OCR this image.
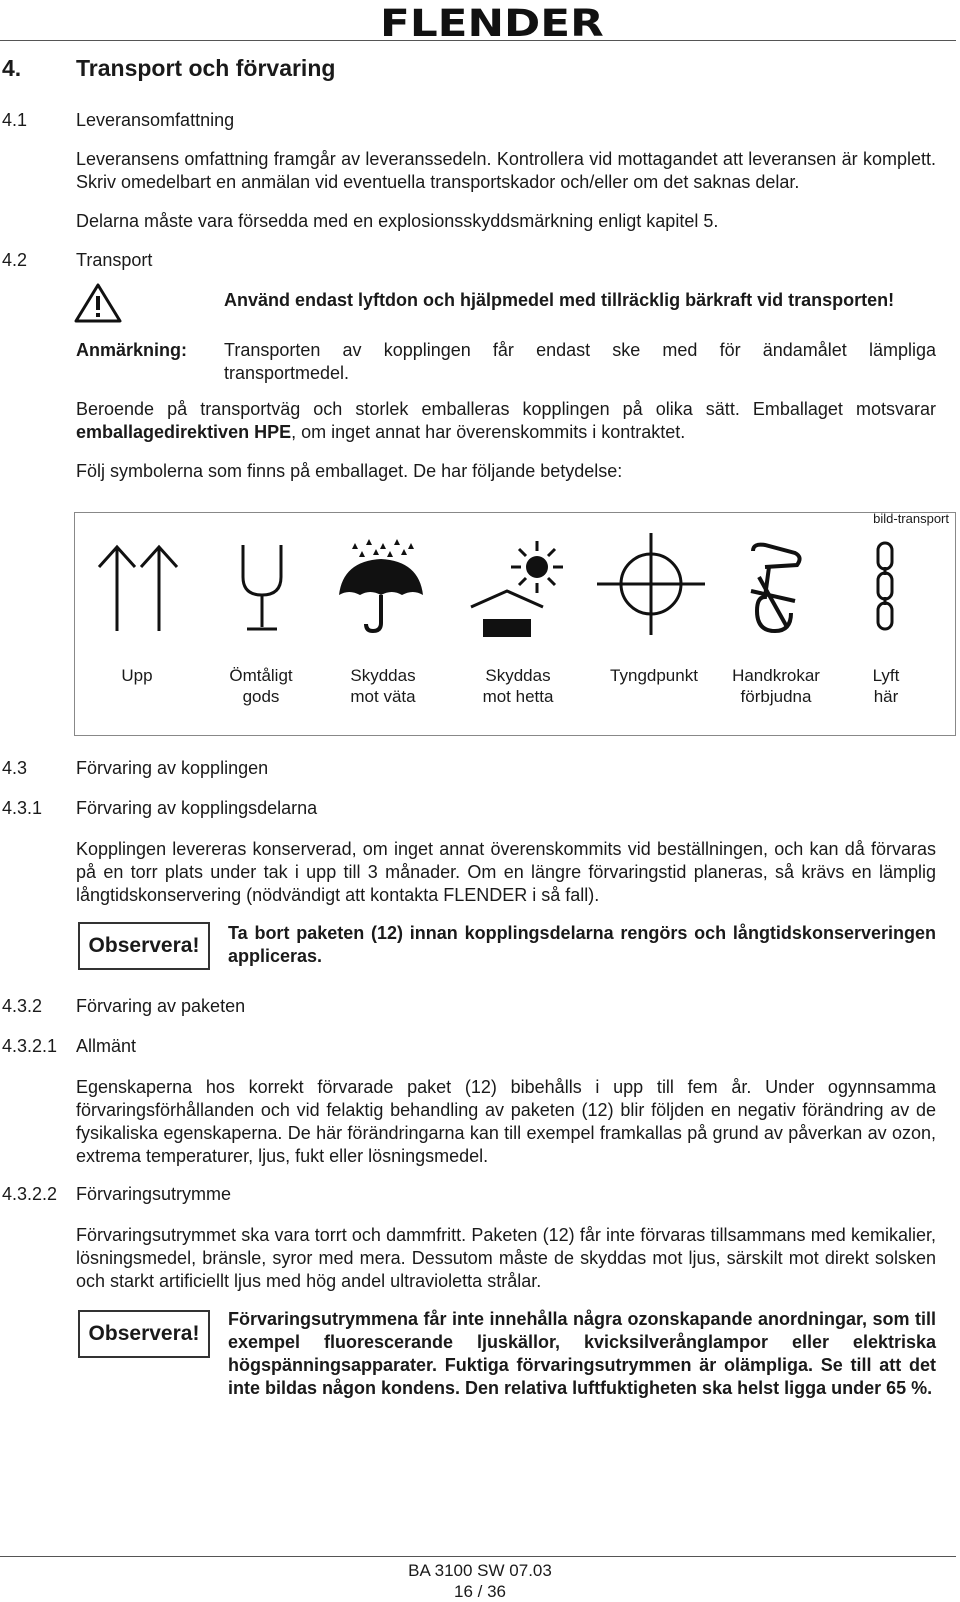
FLENDER
4. Transport och förvaring
4.1	Leveransomfattning
Leveransens omfattning framgår av leveranssedeln. Kontrollera vid mottagandet att leveransen är komplett. Skriv omedelbart en anmälan vid eventuella transportskador och/eller om det saknas delar.
Delarna måste vara försedda med en explosionsskyddsmärkning enligt kapitel 5.
4.2	Transport
Använd endast lyftdon och hjälpmedel med tillräcklig bärkraft vid transporten!
Anmärkning: Transporten av kopplingen får endast ske med för ändamålet lämpliga
transportmedel.
Beroende på transportväg och storlek emballeras kopplingen på olika sätt. Emballaget motsvarar emballagedirektiven HPE, om inget annat har överenskommits i kontraktet.
Följ symbolerna som finns på emballaget. De har följande betydelse:
bild-transport
Upp	Ömtåligt
gods
Skyddas
mot väta
Skyddas
mot hetta
Tyngdpunkt	Handkrokar
förbjudna
Lyft
här
4.3	Förvaring av kopplingen
4.3.1 Förvaring av kopplingsdelarna
Kopplingen levereras konserverad, om inget annat överenskommits vid beställningen, och kan då förvaras på en torr plats under tak i upp till 3 månader. Om en längre förvaringstid planeras, så krävs en lämplig långtidskonservering (nödvändigt att kontakta FLENDER i så fall).
Observera!
Ta bort paketen (12) innan kopplingsdelarna rengörs och långtidskonserveringen appliceras.
4.3.2 Förvaring av paketen
4.3.2.1 Allmänt
Egenskaperna hos korrekt förvarade paket (12) bibehålls i upp till fem år. Under ogynnsamma förvaringsförhållanden och vid felaktig behandling av paketen (12) blir följden en negativ förändring av de fysikaliska egenskaperna. De här förändringarna kan till exempel framkallas på grund av påverkan av ozon, extrema temperaturer, ljus, fukt eller lösningsmedel.
4.3.2.2 Förvaringsutrymme
Förvaringsutrymmet ska vara torrt och dammfritt. Paketen (12) får inte förvaras tillsammans med kemikalier, lösningsmedel, bränsle, syror med mera. Dessutom måste de skyddas mot ljus, särskilt mot direkt solsken och starkt artificiellt ljus med hög andel ultravioletta strålar.
Observera!
Förvaringsutrymmena får inte innehålla några ozonskapande anordningar, som till exempel fluorescerande ljuskällor, kvicksilverånglampor eller elektriska högspänningsapparater. Fuktiga förvaringsutrymmen är olämpliga. Se till att det inte bildas någon kondens. Den relativa luftfuktigheten ska helst ligga under 65 %.
BA 3100 SW 07.03
16 / 36
